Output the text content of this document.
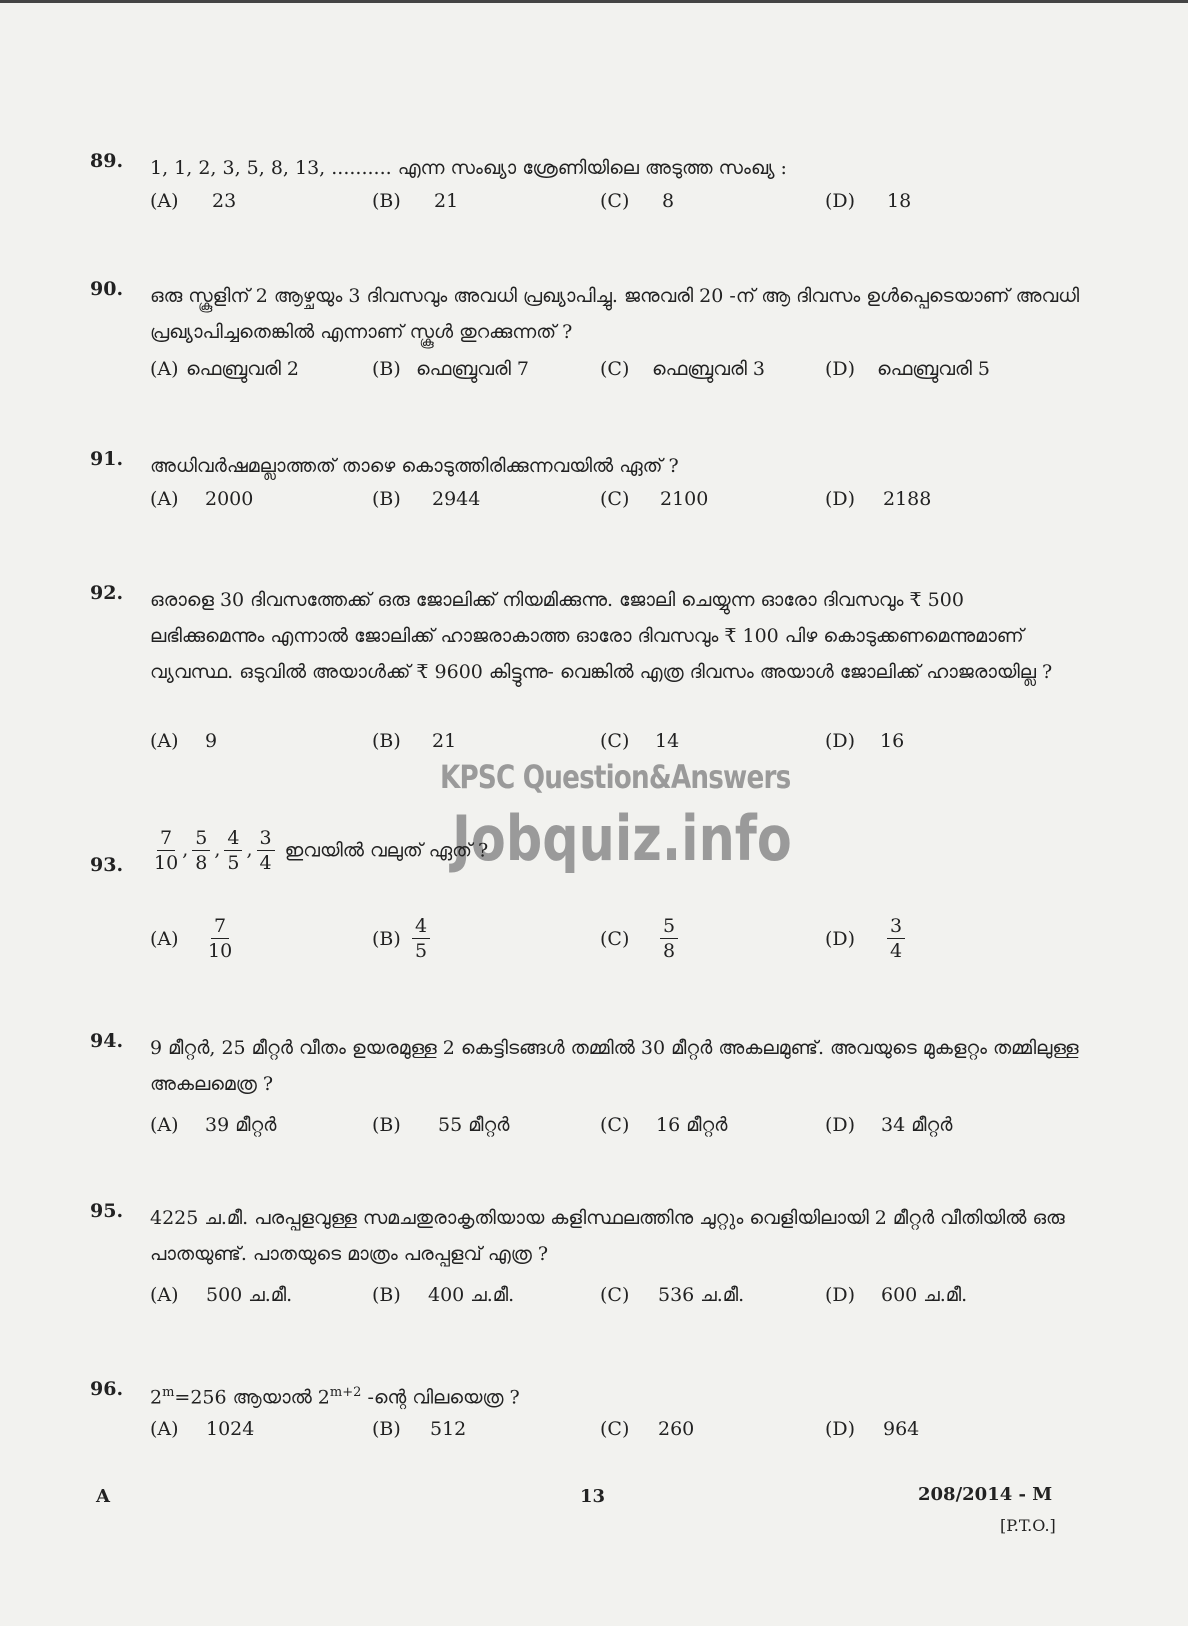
89.	1, 1, 2, 3, 5, 8, 13, .......... എന്ന സംഖ്യാ ശ്രേണിയിലെ അടുത്ത സംഖ്യ :
(A) 23	(B) 21	(C) 8	(D) 18
90.	ഒരു സ്കൂളിന് 2 ആഴ്ചയും 3 ദിവസവും അവധി പ്രഖ്യാപിച്ചു. ജനുവരി 20 -ന് ആ ദിവസം ഉൾപ്പെടെയാണ് അവധി പ്രഖ്യാപിച്ചതെങ്കിൽ എന്നാണ് സ്കൂൾ തുറക്കുന്നത് ?
(A) ഫെബ്രുവരി 2	(B) ഫെബ്രുവരി 7	(C) ഫെബ്രുവരി 3	(D) ഫെബ്രുവരി 5
91.	അധിവർഷമല്ലാത്തത് താഴെ കൊടുത്തിരിക്കുന്നവയിൽ ഏത് ?
(A) 2000	(B) 2944	(C) 2100	(D) 2188
92.	ഒരാളെ 30 ദിവസത്തേക്ക് ഒരു ജോലിക്ക് നിയമിക്കുന്നു. ജോലി ചെയ്യുന്ന ഓരോ ദിവസവും ₹ 500 ലഭിക്കുമെന്നും എന്നാൽ ജോലിക്ക് ഹാജരാകാത്ത ഓരോ ദിവസവും ₹ 100 പിഴ കൊടുക്കണമെന്നുമാണ് വ്യവസ്ഥ. ഒടുവിൽ അയാൾക്ക് ₹ 9600 കിട്ടുന്നു- വെങ്കിൽ എത്ര ദിവസം അയാൾ ജോലിക്ക് ഹാജരായില്ല ?
(A) 9	(B) 21	(C) 14	(D) 16
KPSC Question&Answers
Jobquiz.info
93.	$\frac{7}{10}$ , $\frac{5}{8}$ , $\frac{4}{5}$ , $\frac{3}{4}$ ഇവയിൽ വലുത് ഏത് ?
$(A) \frac{7}{10}$	$(B) \frac{4}{5}$	$(C) \frac{5}{8}$	$(D) \frac{3}{4}$
94.	9 മീറ്റർ, 25 മീറ്റർ വീതം ഉയരമുള്ള 2 കെട്ടിടങ്ങൾ തമ്മിൽ 30 മീറ്റർ അകലമുണ്ട്. അവയുടെ മുകളറ്റം തമ്മിലുള്ള അകലമെത്ര ?
(A) 39 മീറ്റർ	(B) 55 മീറ്റർ	(C) 16 മീറ്റർ	(D) 34 മീറ്റർ
95.	4225 ച.മീ. പരപ്പളവുള്ള സമചതുരാകൃതിയായ കളിസ്ഥലത്തിനു ചുറ്റും വെളിയിലായി 2 മീറ്റർ വീതിയിൽ ഒരു പാതയുണ്ട്. പാതയുടെ മാത്രം പരപ്പളവ് എത്ര ?
(A) 500 ച.മീ.	(B) 400 ച.മീ.	(C) 536 ച.മീ.	(D) 600 ച.മീ.
96.	$2^m=256$ ആയാൽ $2^{m+2}$ -ന്റെ വിലയെത്ര ?
(A) 1024	(B) 512	(C) 260	(D) 964
A	13	208/2014 - M
[P.T.O.]
